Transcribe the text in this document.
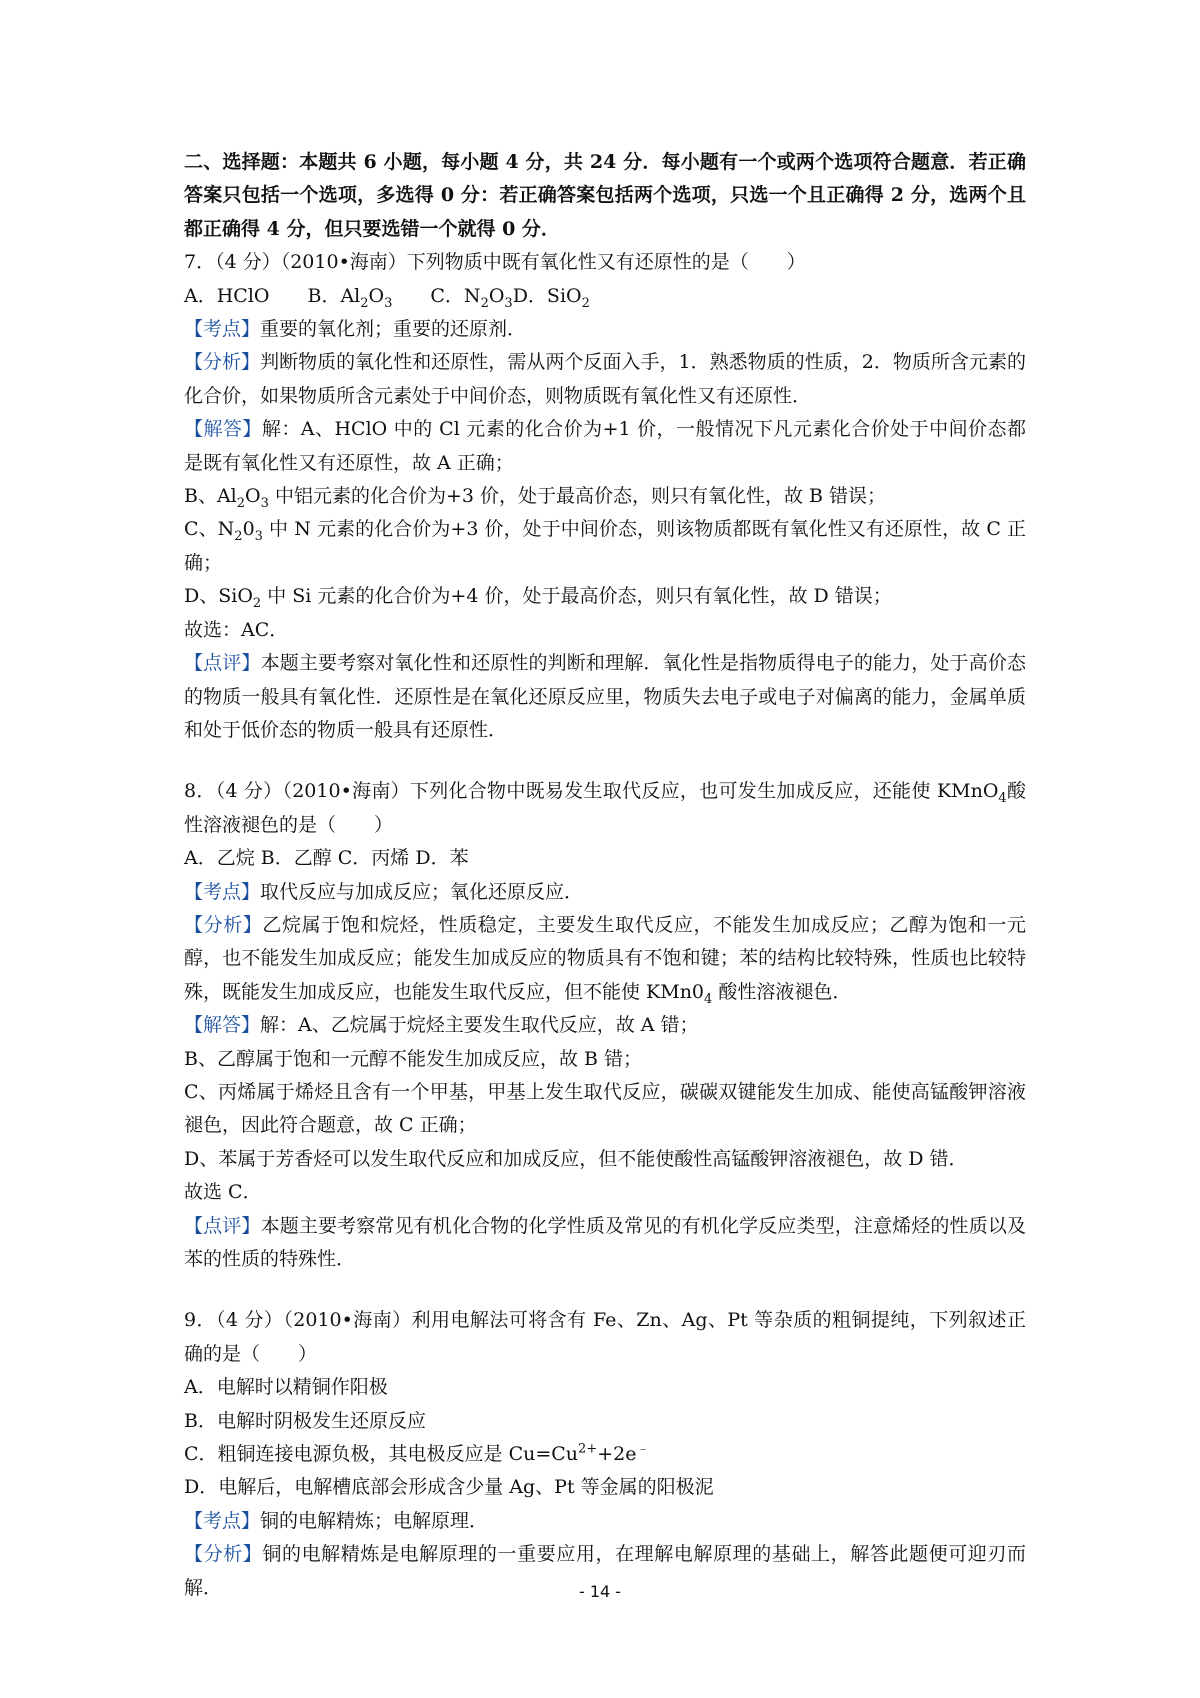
二、选择题：本题共 6 小题，每小题 4 分，共 24 分．每小题有一个或两个选项符合题意．若正确答案只包括一个选项，多选得 0 分：若正确答案包括两个选项，只选一个且正确得 2 分，选两个且都正确得 4 分，但只要选错一个就得 0 分．

7．（4 分）（2010•海南）下列物质中既有氧化性又有还原性的是（　　）

A．HClO　　B．$Al_2O_3$　　C．$N_2O_3D$．SiO$_2$

【考点】重要的氧化剂；重要的还原剂．

【分析】判断物质的氧化性和还原性，需从两个反面入手，1．熟悉物质的性质，2．物质所含元素的化合价，如果物质所含元素处于中间价态，则物质既有氧化性又有还原性．

【解答】解：A、HClO 中的 Cl 元素的化合价为+1 价，一般情况下凡元素化合价处于中间价态都是既有氧化性又有还原性，故 A 正确；

B、$Al_2O_3$ 中铝元素的化合价为+3 价，处于最高价态，则只有氧化性，故 B 错误；

C、$N_20_3$ 中 N 元素的化合价为+3 价，处于中间价态，则该物质都既有氧化性又有还原性，故 C 正确；

D、SiO$_2$ 中 Si 元素的化合价为+4 价，处于最高价态，则只有氧化性，故 D 错误；

故选：AC．

【点评】本题主要考察对氧化性和还原性的判断和理解．氧化性是指物质得电子的能力，处于高价态的物质一般具有氧化性．还原性是在氧化还原反应里，物质失去电子或电子对偏离的能力，金属单质和处于低价态的物质一般具有还原性．

8．（4 分）（2010•海南）下列化合物中既易发生取代反应，也可发生加成反应，还能使 KMnO$_4$酸性溶液褪色的是（　　）

A．乙烷 B．乙醇 C．丙烯 D．苯

【考点】取代反应与加成反应；氧化还原反应．

【分析】乙烷属于饱和烷烃，性质稳定，主要发生取代反应，不能发生加成反应；乙醇为饱和一元醇，也不能发生加成反应；能发生加成反应的物质具有不饱和键；苯的结构比较特殊，性质也比较特殊，既能发生加成反应，也能发生取代反应，但不能使 $KMn0_4$ 酸性溶液褪色．

【解答】解：A、乙烷属于烷烃主要发生取代反应，故 A 错；

B、乙醇属于饱和一元醇不能发生加成反应，故 B 错；

C、丙烯属于烯烃且含有一个甲基，甲基上发生取代反应，碳碳双键能发生加成、能使高锰酸钾溶液褪色，因此符合题意，故 C 正确；

D、苯属于芳香烃可以发生取代反应和加成反应，但不能使酸性高锰酸钾溶液褪色，故 D 错．

故选 C．

【点评】本题主要考察常见有机化合物的化学性质及常见的有机化学反应类型，注意烯烃的性质以及苯的性质的特殊性．

9．（4 分）（2010•海南）利用电解法可将含有 Fe、Zn、Ag、Pt 等杂质的粗铜提纯，下列叙述正确的是（　　）

A．电解时以精铜作阳极

B．电解时阴极发生还原反应

C．粗铜连接电源负极，其电极反应是 $Cu=Cu^{2+}+2e^﹣$

D．电解后，电解槽底部会形成含少量 Ag、Pt 等金属的阳极泥

【考点】铜的电解精炼；电解原理．

【分析】铜的电解精炼是电解原理的一重要应用，在理解电解原理的基础上，解答此题便可迎刃而解．	- 14 -
